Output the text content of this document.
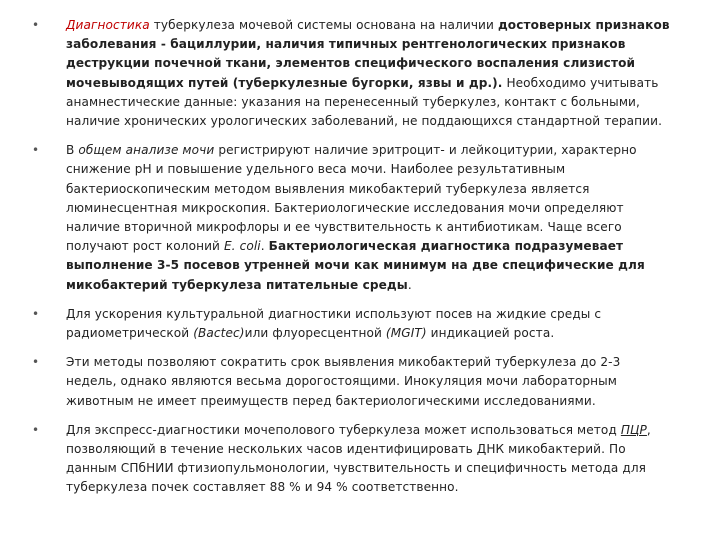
• Диагностика туберкулеза мочевой системы основана на наличии достоверных признаков заболевания - бациллурии, наличия типичных рентгенологических признаков деструкции почечной ткани, элементов специфического воспаления слизистой мочевыводящих путей (туберкулезные бугорки, язвы и др.). Необходимо учитывать анамнестические данные: указания на перенесенный туберкулез, контакт с больными, наличие хронических урологических заболеваний, не поддающихся стандартной терапии.
• В общем анализе мочи регистрируют наличие эритроцит- и лейкоцитурии, характерно снижение pH и повышение удельного веса мочи. Наиболее результативным бактериоскопическим методом выявления микобактерий туберкулеза является люминесцентная микроскопия. Бактериологические исследования мочи определяют наличие вторичной микрофлоры и ее чувствительность к антибиотикам. Чаще всего получают рост колоний E. coli. Бактериологическая диагностика подразумевает выполнение 3-5 посевов утренней мочи как минимум на две специфические для микобактерий туберкулеза питательные среды.
• Для ускорения культуральной диагностики используют посев на жидкие среды с радиометрической (Bactec)или флуоресцентной (MGIT) индикацией роста.
• Эти методы позволяют сократить срок выявления микобактерий туберкулеза до 2-3 недель, однако являются весьма дорогостоящими. Инокуляция мочи лабораторным животным не имеет преимуществ перед бактериологическими исследованиями.
• Для экспресс-диагностики мочеполового туберкулеза может использоваться метод ПЦР, позволяющий в течение нескольких часов идентифицировать ДНК микобактерий. По данным СПбНИИ фтизиопульмонологии, чувствительность и специфичность метода для туберкулеза почек составляет 88 % и 94 % соответственно.
